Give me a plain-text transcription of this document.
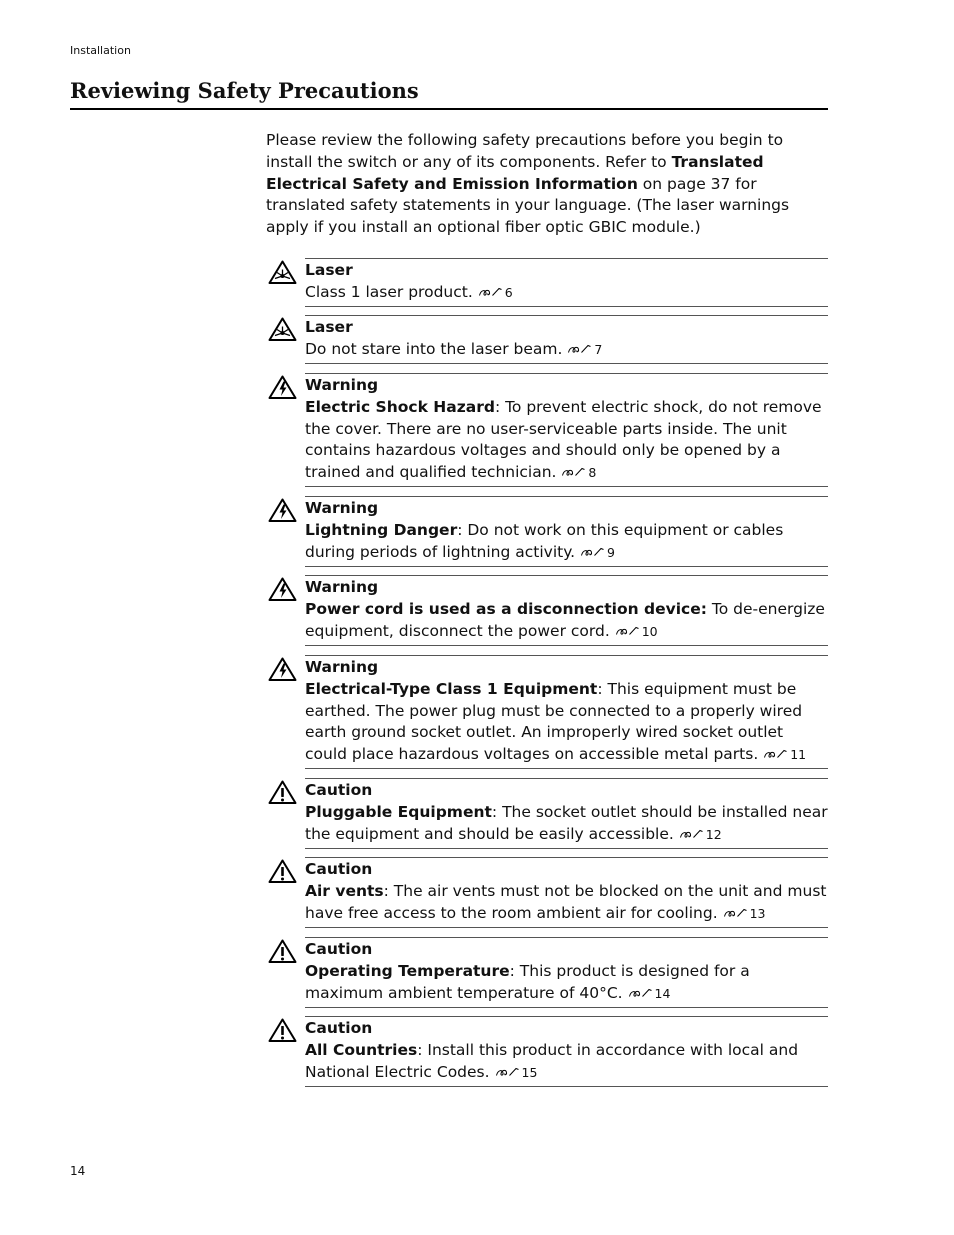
Installation
Reviewing Safety Precautions

Please review the following safety precautions before you begin to install the switch or any of its components. Refer to Translated Electrical Safety and Emission Information on page 37 for translated safety statements in your language. (The laser warnings apply if you install an optional fiber optic GBIC module.)

Laser
Class 1 laser product.	6
Laser
Do not stare into the laser beam.	7
Warning
Electric Shock Hazard: To prevent electric shock, do not remove the cover. There are no user-serviceable parts inside. The unit contains hazardous voltages and should only be opened by a trained and qualified technician.	8
Warning
Lightning Danger: Do not work on this equipment or cables during periods of lightning activity.	9
Warning
Power cord is used as a disconnection device: To de-energize equipment, disconnect the power cord.	10
Warning
Electrical-Type Class 1 Equipment: This equipment must be earthed. The power plug must be connected to a properly wired earth ground socket outlet. An improperly wired socket outlet could place hazardous voltages on accessible metal parts.	11
Caution
Pluggable Equipment: The socket outlet should be installed near the equipment and should be easily accessible.	12
Caution
Air vents: The air vents must not be blocked on the unit and must have free access to the room ambient air for cooling.	13
Caution
Operating Temperature: This product is designed for a maximum ambient temperature of 40°C.	14
Caution
All Countries: Install this product in accordance with local and National Electric Codes.	15
14
